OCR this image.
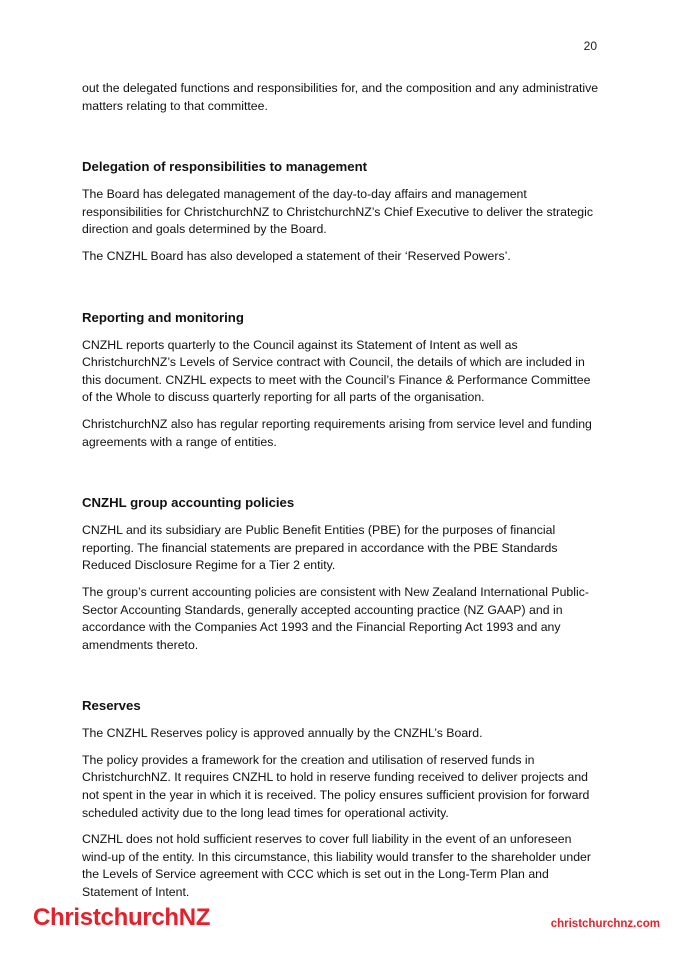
20

out the delegated functions and responsibilities for, and the composition and any administrative matters relating to that committee.

Delegation of responsibilities to management

The Board has delegated management of the day-to-day affairs and management responsibilities for ChristchurchNZ to ChristchurchNZ’s Chief Executive to deliver the strategic direction and goals determined by the Board.

The CNZHL Board has also developed a statement of their ‘Reserved Powers’.

Reporting and monitoring

CNZHL reports quarterly to the Council against its Statement of Intent as well as ChristchurchNZ’s Levels of Service contract with Council, the details of which are included in this document. CNZHL expects to meet with the Council’s Finance & Performance Committee of the Whole to discuss quarterly reporting for all parts of the organisation.

ChristchurchNZ also has regular reporting requirements arising from service level and funding agreements with a range of entities.

CNZHL group accounting policies

CNZHL and its subsidiary are Public Benefit Entities (PBE) for the purposes of financial reporting. The financial statements are prepared in accordance with the PBE Standards Reduced Disclosure Regime for a Tier 2 entity.

The group’s current accounting policies are consistent with New Zealand International Public-Sector Accounting Standards, generally accepted accounting practice (NZ GAAP) and in accordance with the Companies Act 1993 and the Financial Reporting Act 1993 and any amendments thereto.

Reserves

The CNZHL Reserves policy is approved annually by the CNZHL’s Board.

The policy provides a framework for the creation and utilisation of reserved funds in ChristchurchNZ. It requires CNZHL to hold in reserve funding received to deliver projects and not spent in the year in which it is received. The policy ensures sufficient provision for forward scheduled activity due to the long lead times for operational activity.

CNZHL does not hold sufficient reserves to cover full liability in the event of an unforeseen wind-up of the entity. In this circumstance, this liability would transfer to the shareholder under the Levels of Service agreement with CCC which is set out in the Long-Term Plan and Statement of Intent.

ChristchurchNZ	christchurchnz.com
